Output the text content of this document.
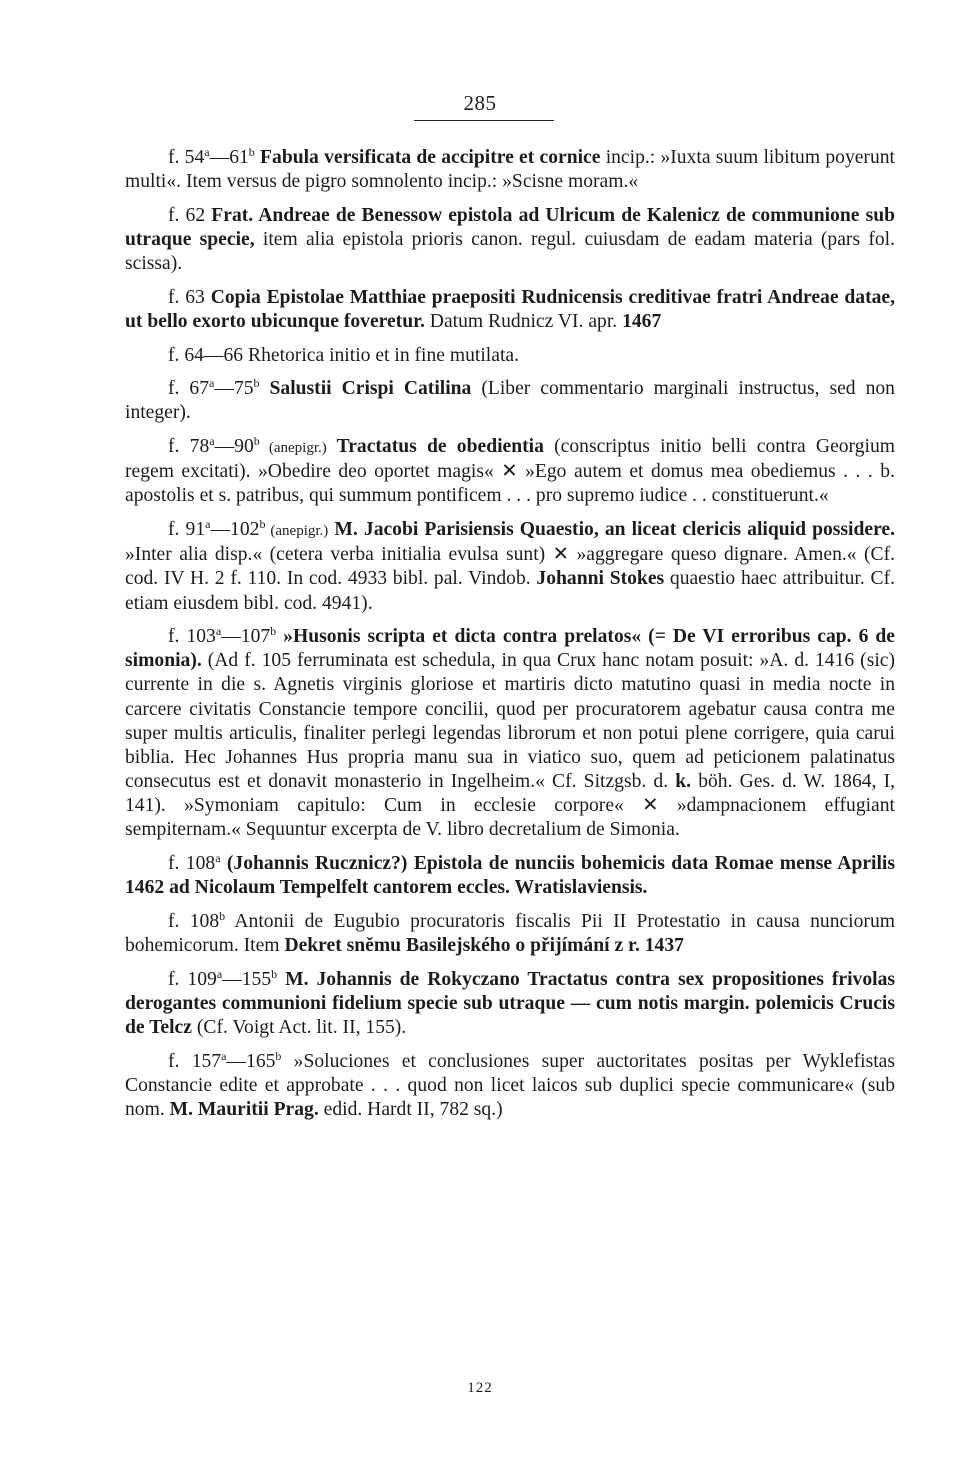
285

f. 54$^a$—61$^b$ Fabula versificata de accipitre et cornice incip.: »Iuxta suum libitum poyerunt multi«. Item versus de pigro somnolento incip.: »Scisne moram.«

f. 62 Frat. Andreae de Benessow epistola ad Ulricum de Kalenicz de communione sub utraque specie, item alia epistola prioris canon. regul. cuiusdam de eadam materia (pars fol. scissa).

f. 63 Copia Epistolae Matthiae praepositi Rudnicensis creditivae fratri Andreae datae, ut bello exorto ubicunque foveretur. Datum Rudnicz VI. apr. 1467

f. 64—66 Rhetorica initio et in fine mutilata.

f. 67$^a$—75$^b$ Salustii Crispi Catilina (Liber commentario marginali instructus, sed non integer).

f. 78$^a$—90$^b$ (anepigr.) Tractatus de obedientia (conscriptus initio belli contra Georgium regem excitati). »Obedire deo oportet magis« ✕ »Ego autem et domus mea obediemus . . . b. apostolis et s. patribus, qui summum pontificem . . . pro supremo iudice . . constituerunt.«

f. 91$^a$—102$^b$ (anepigr.) M. Jacobi Parisiensis Quaestio, an liceat clericis aliquid possidere. »Inter alia disp.« (cetera verba initialia evulsa sunt) ✕ »aggregare queso dignare. Amen.« (Cf. cod. IV H. 2 f. 110. In cod. 4933 bibl. pal. Vindob. Johanni Stokes quaestio haec attribuitur. Cf. etiam eiusdem bibl. cod. 4941).

f. 103$^a$—107$^b$ »Husonis scripta et dicta contra prelatos« (= De VI erroribus cap. 6 de simonia). (Ad f. 105 ferruminata est schedula, in qua Crux hanc notam posuit: »A. d. 1416 (sic) currente in die s. Agnetis virginis gloriose et martiris dicto matutino quasi in media nocte in carcere civitatis Constancie tempore concilii, quod per procuratorem agebatur causa contra me super multis articulis, finaliter perlegi legendas librorum et non potui plene corrigere, quia carui biblia. Hec Johannes Hus propria manu sua in viatico suo, quem ad peticionem palatinatus consecutus est et donavit monasterio in Ingelheim.« Cf. Sitzgsb. d. k. böh. Ges. d. W. 1864, I, 141). »Symoniam capitulo: Cum in ecclesie corpore« ✕ »dampnacionem effugiant sempiternam.« Sequuntur excerpta de V. libro decretalium de Simonia.

f. 108$^a$ (Johannis Rucznicz?) Epistola de nunciis bohemicis data Romae mense Aprilis 1462 ad Nicolaum Tempelfelt cantorem eccles. Wratislaviensis.

f. 108$^b$ Antonii de Eugubio procuratoris fiscalis Pii II Protestatio in causa nunciorum bohemicorum. Item Dekret sněmu Basilejského o přijímání z r. 1437

f. 109$^a$—155$^b$ M. Johannis de Rokyczano Tractatus contra sex propositiones frivolas derogantes communioni fidelium specie sub utraque — cum notis margin. polemicis Crucis de Telcz (Cf. Voigt Act. lit. II, 155).

f. 157$^a$—165$^b$ »Soluciones et conclusiones super auctoritates positas per Wyklefistas Constancie edite et approbate . . . quod non licet laicos sub duplici specie communicare« (sub nom. M. Mauritii Prag. edid. Hardt II, 782 sq.)

122
